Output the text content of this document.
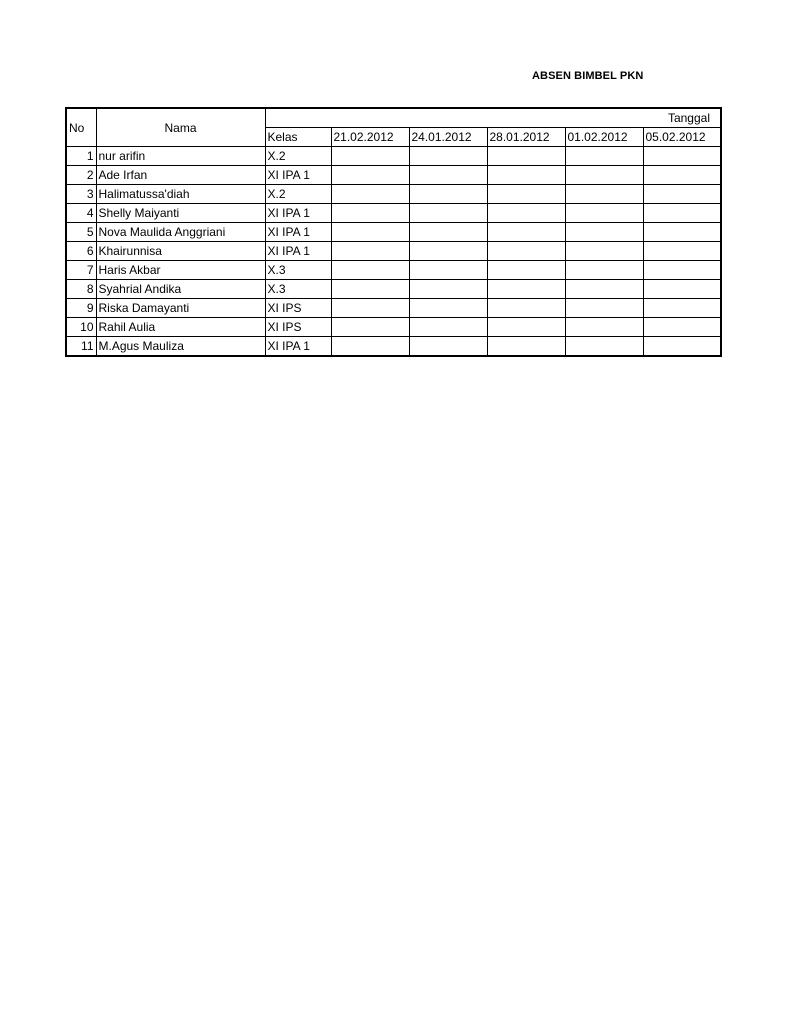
ABSEN BIMBEL PKN
No	Nama	Tanggal					
		Kelas	21.02.2012	24.01.2012	28.01.2012	01.02.2012	05.02.2012
1	nur arifin	X.2					
2	Ade Irfan	XI IPA 1					
3	Halimatussa'diah	X.2					
4	Shelly Maiyanti	XI IPA 1					
5	Nova Maulida Anggriani	XI IPA 1					
6	Khairunnisa	XI IPA 1					
7	Haris Akbar	X.3					
8	Syahrial Andika	X.3					
9	Riska Damayanti	XI IPS					
10	Rahil Aulia	XI IPS					
11	M.Agus Mauliza	XI IPA 1					
